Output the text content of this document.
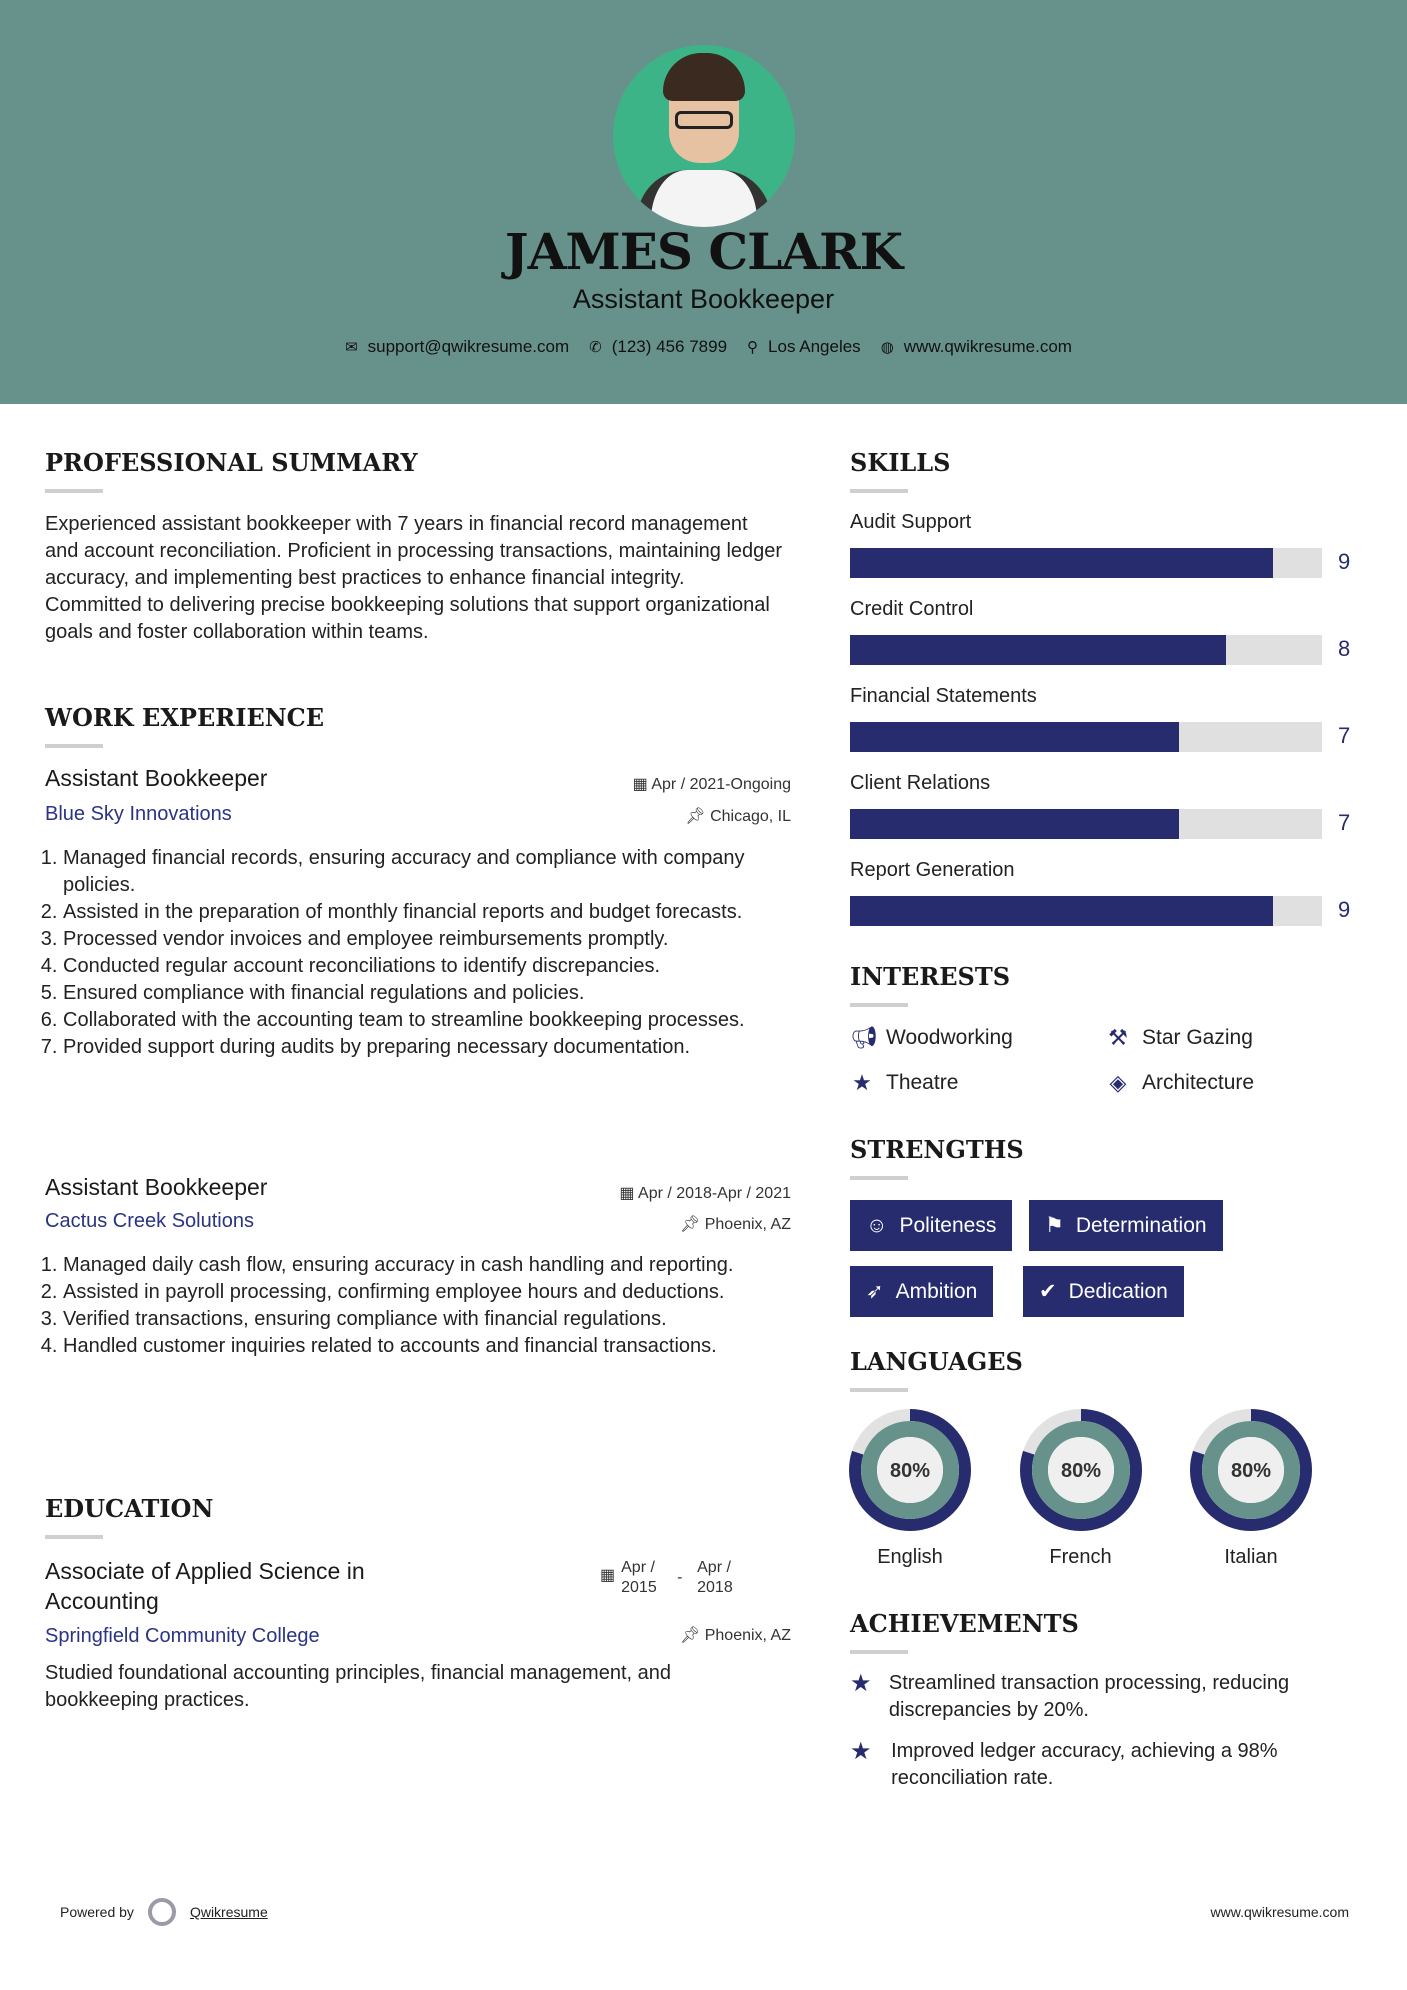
JAMES CLARK
Assistant Bookkeeper
✉ support@qwikresume.com ✆ (123) 456 7899 ⚲ Los Angeles ◍ www.qwikresume.com
PROFESSIONAL SUMMARY
Experienced assistant bookkeeper with 7 years in financial record management and account reconciliation. Proficient in processing transactions, maintaining ledger accuracy, and implementing best practices to enhance financial integrity. Committed to delivering precise bookkeeping solutions that support organizational goals and foster collaboration within teams.
WORK EXPERIENCE
Assistant Bookkeeper	▦ Apr / 2021-Ongoing
Blue Sky Innovations	📌︎ Chicago, IL
1. Managed financial records, ensuring accuracy and compliance with company policies.
2. Assisted in the preparation of monthly financial reports and budget forecasts.
3. Processed vendor invoices and employee reimbursements promptly.
4. Conducted regular account reconciliations to identify discrepancies.
5. Ensured compliance with financial regulations and policies.
6. Collaborated with the accounting team to streamline bookkeeping processes.
7. Provided support during audits by preparing necessary documentation.
Assistant Bookkeeper	▦ Apr / 2018-Apr / 2021
Cactus Creek Solutions	📌︎ Phoenix, AZ
1. Managed daily cash flow, ensuring accuracy in cash handling and reporting.
2. Assisted in payroll processing, confirming employee hours and deductions.
3. Verified transactions, ensuring compliance with financial regulations.
4. Handled customer inquiries related to accounts and financial transactions.
EDUCATION
Associate of Applied Science in Accounting
▦ Apr / 2015
-
Apr / 2018
Springfield Community College	📌︎ Phoenix, AZ
Studied foundational accounting principles, financial management, and bookkeeping practices.
SKILLS
Audit Support
9
Credit Control
8
Financial Statements
7
Client Relations
7
Report Generation
9
INTERESTS
📢︎ Woodworking	⚒ Star Gazing
★ Theatre	◈ Architecture
STRENGTHS
☺ Politeness ⚑ Determination
➶ Ambition	✔ Dedication
LANGUAGES
80%
English
80%
French
80%
Italian
ACHIEVEMENTS
★ Streamlined transaction processing, reducing discrepancies by 20%.
★ Improved ledger accuracy, achieving a 98% reconciliation rate.
Powered by	Qwikresume	www.qwikresume.com
